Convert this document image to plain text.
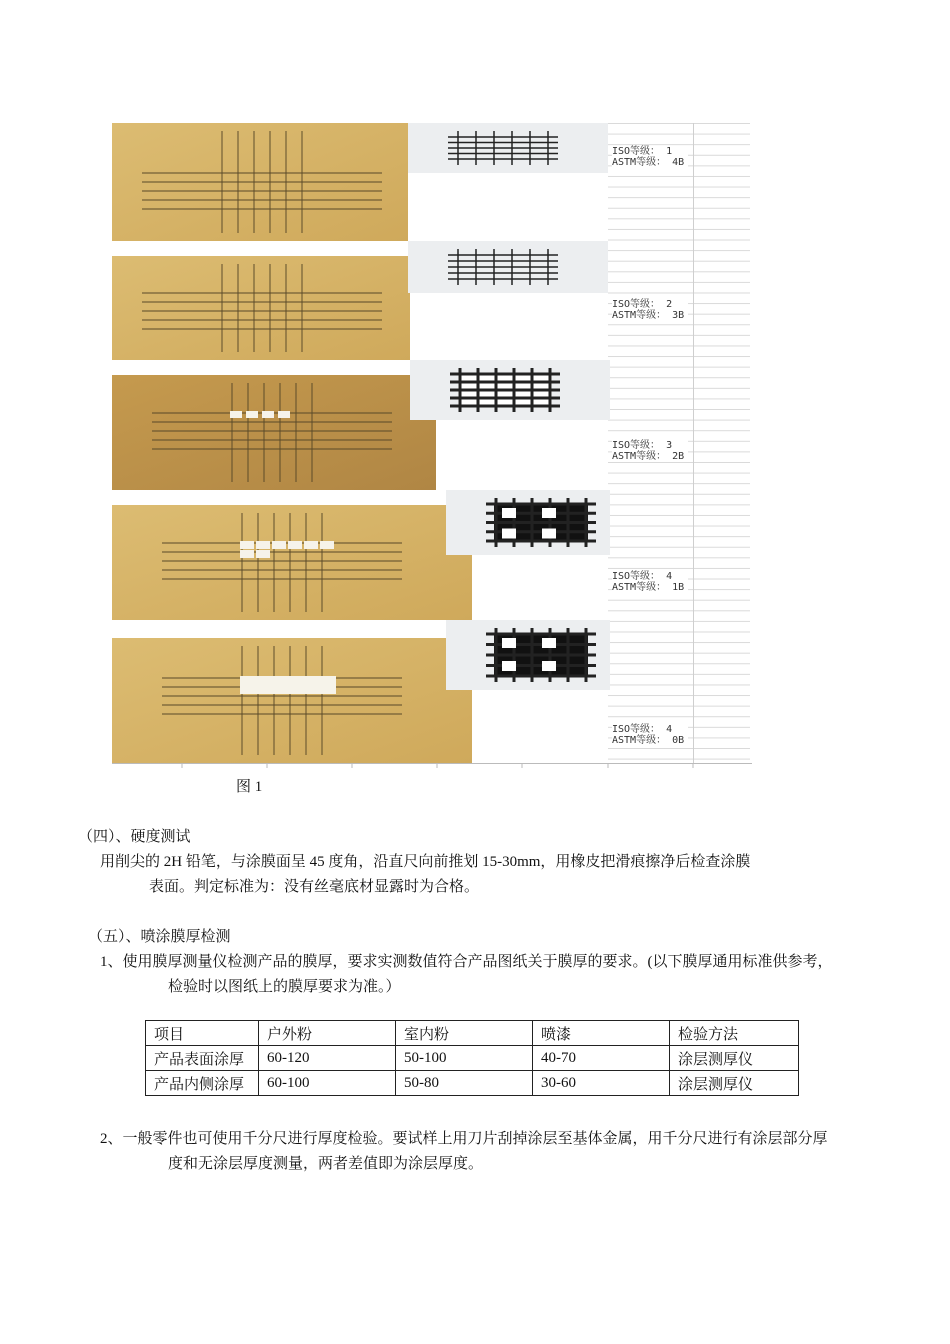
ISO等级： 1
ASTM等级： 4B
ISO等级： 2
ASTM等级： 3B
ISO等级： 3
ASTM等级： 2B
ISO等级： 4
ASTM等级： 1B
ISO等级： 4
ASTM等级： 0B
图 1
（四）、硬度测试
用削尖的 2H 铅笔，与涂膜面呈 45 度角，沿直尺向前推划 15-30mm，用橡皮把滑痕擦净后检查涂膜
表面。判定标准为：没有丝毫底材显露时为合格。
（五）、喷涂膜厚检测
1、使用膜厚测量仪检测产品的膜厚，要求实测数值符合产品图纸关于膜厚的要求。(以下膜厚通用标准供参考，
检验时以图纸上的膜厚要求为准。）
项目	户外粉	室内粉	喷漆	检验方法
产品表面涂厚	60-120	50-100	40-70	涂层测厚仪
产品内侧涂厚	60-100	50-80	30-60	涂层测厚仪
2、一般零件也可使用千分尺进行厚度检验。要试样上用刀片刮掉涂层至基体金属，用千分尺进行有涂层部分厚
度和无涂层厚度测量，两者差值即为涂层厚度。
